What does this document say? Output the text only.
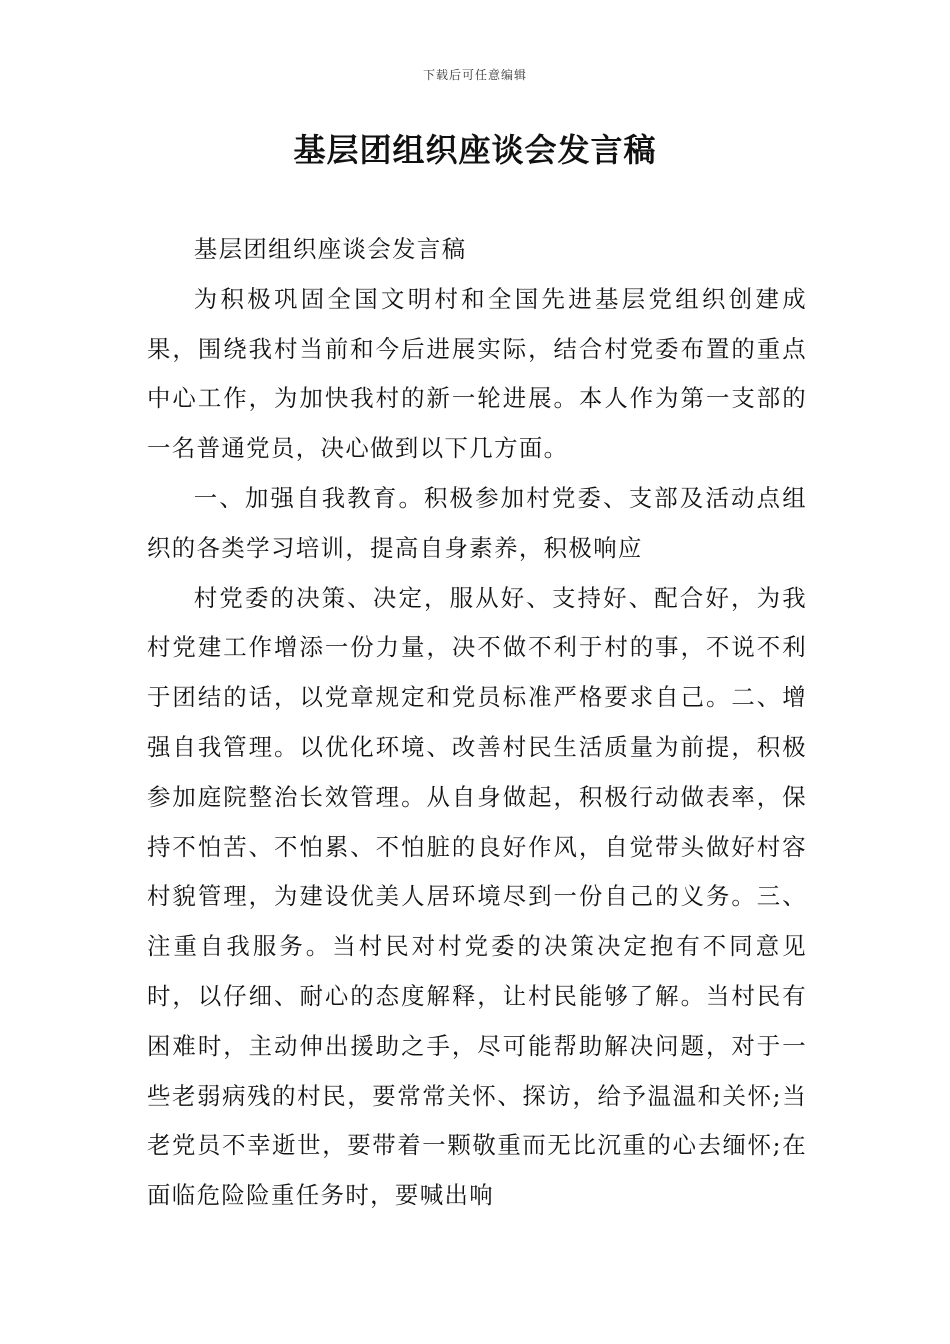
下载后可任意编辑
基层团组织座谈会发言稿

基层团组织座谈会发言稿

为积极巩固全国文明村和全国先进基层党组织创建成果，围绕我村当前和今后进展实际，结合村党委布置的重点中心工作，为加快我村的新一轮进展。本人作为第一支部的一名普通党员，决心做到以下几方面。

一、加强自我教育。积极参加村党委、支部及活动点组织的各类学习培训，提高自身素养，积极响应

村党委的决策、决定，服从好、支持好、配合好，为我村党建工作增添一份力量，决不做不利于村的事，不说不利于团结的话，以党章规定和党员标准严格要求自己。二、增强自我管理。以优化环境、改善村民生活质量为前提，积极参加庭院整治长效管理。从自身做起，积极行动做表率，保持不怕苦、不怕累、不怕脏的良好作风，自觉带头做好村容村貌管理，为建设优美人居环境尽到一份自己的义务。三、注重自我服务。当村民对村党委的决策决定抱有不同意见时，以仔细、耐心的态度解释，让村民能够了解。当村民有困难时，主动伸出援助之手，尽可能帮助解决问题，对于一些老弱病残的村民，要常常关怀、探访，给予温温和关怀;当老党员不幸逝世，要带着一颗敬重而无比沉重的心去缅怀;在面临危险险重任务时，要喊出响
